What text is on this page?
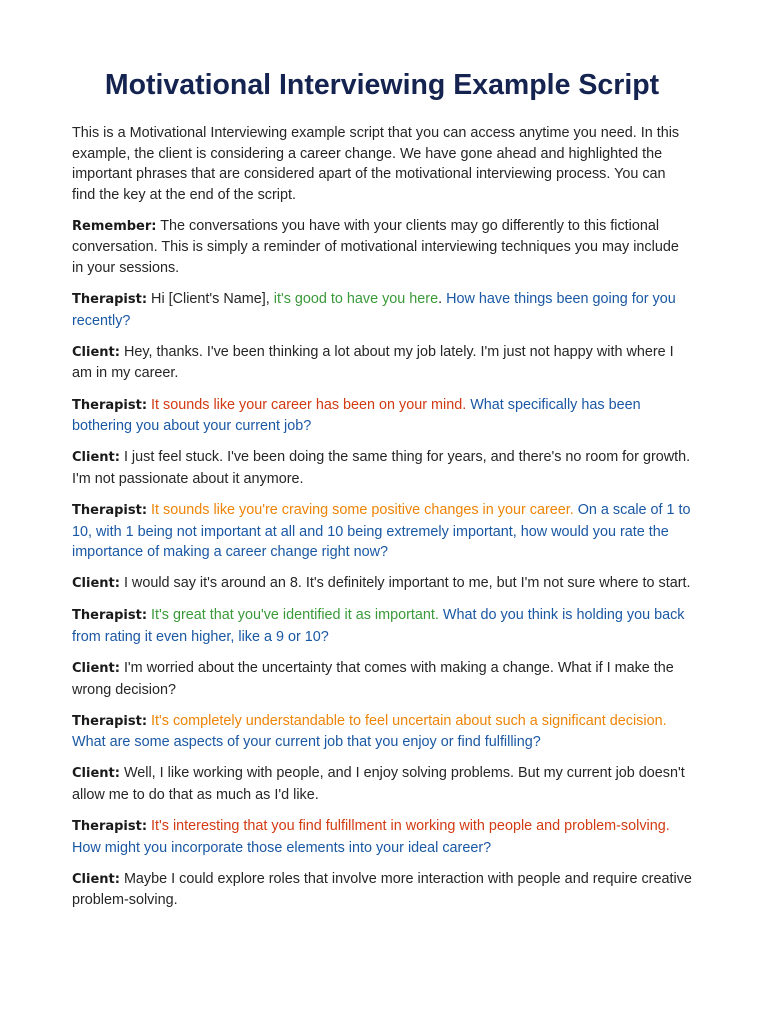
Motivational Interviewing Example Script

This is a Motivational Interviewing example script that you can access anytime you need. In this example, the client is considering a career change. We have gone ahead and highlighted the important phrases that are considered apart of the motivational interviewing process. You can find the key at the end of the script.

Remember: The conversations you have with your clients may go differently to this fictional conversation. This is simply a reminder of motivational interviewing techniques you may include in your sessions.

Therapist: Hi [Client's Name], it's good to have you here. How have things been going for you recently?

Client: Hey, thanks. I've been thinking a lot about my job lately. I'm just not happy with where I am in my career.

Therapist: It sounds like your career has been on your mind. What specifically has been bothering you about your current job?

Client: I just feel stuck. I've been doing the same thing for years, and there's no room for growth. I'm not passionate about it anymore.

Therapist: It sounds like you're craving some positive changes in your career. On a scale of 1 to 10, with 1 being not important at all and 10 being extremely important, how would you rate the importance of making a career change right now?

Client: I would say it's around an 8. It's definitely important to me, but I'm not sure where to start.

Therapist: It's great that you've identified it as important. What do you think is holding you back from rating it even higher, like a 9 or 10?

Client: I'm worried about the uncertainty that comes with making a change. What if I make the wrong decision?

Therapist: It's completely understandable to feel uncertain about such a significant decision. What are some aspects of your current job that you enjoy or find fulfilling?

Client: Well, I like working with people, and I enjoy solving problems. But my current job doesn't allow me to do that as much as I'd like.

Therapist: It's interesting that you find fulfillment in working with people and problem-solving. How might you incorporate those elements into your ideal career?

Client: Maybe I could explore roles that involve more interaction with people and require creative problem-solving.
